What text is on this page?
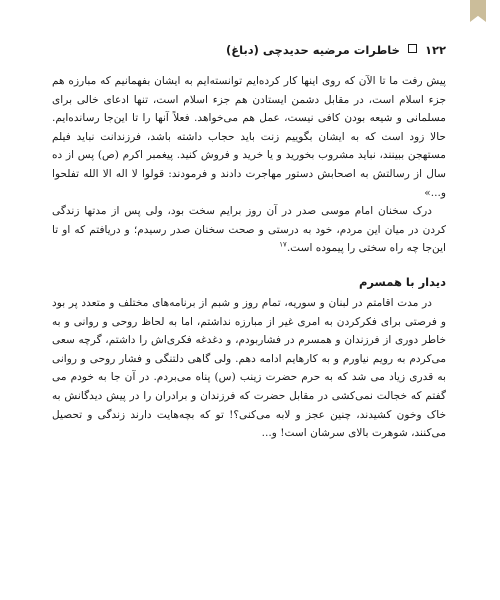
۱۲۲  خاطرات مرضیه حدیدچی (دباغ)

پیش رفت ما تا الآن که روی اینها کار کرده‌ایم توانسته‌ایم به ایشان بفهمانیم که مبارزه هم جزء اسلام است، در مقابل دشمن ایستادن هم جزء اسلام است، تنها ادعای خالی برای مسلمانی و شیعه بودن کافی نیست، عمل هم می‌خواهد. فعلاً آنها را تا این‌جا رسانده‌ایم. حالا زود است که به ایشان بگوییم زنت باید حجاب داشته باشد، فرزندانت نباید فیلم مستهجن ببینند، نباید مشروب بخورید و یا خرید و فروش کنید. پیغمبر اکرم (ص) پس از ده سال از رسالتش به اصحابش دستور مهاجرت دادند و فرمودند: قولوا لا اله الا الله تفلحوا و...»

درک سخنان امام موسی صدر در آن روز برایم سخت بود، ولی پس از مدتها زندگی کردن در میان این مردم، خود به درستی و صحت سخنان صدر رسیدم؛ و دریافتم که او تا این‌جا چه راه سختی را پیموده است.$^{۱۷}$

دیدار با همسرم

در مدت اقامتم در لبنان و سوریه، تمام روز و شبم از برنامه‌های مختلف و متعدد پر بود و فرصتی برای فکرکردن به امری غیر از مبارزه نداشتم، اما به لحاظ روحی و روانی و به خاطر دوری از فرزندان و همسرم در فشاربودم، و دغدغه فکری‌اش را داشتم، گرچه سعی می‌کردم به رویم نیاورم و به کارهایم ادامه دهم. ولی گاهی دلتنگی و فشار روحی و روانی به قدری زیاد می شد که به حرم حضرت زینب (س) پناه می‌بردم. در آن جا به خودم می گفتم که خجالت نمی‌کشی در مقابل حضرت که فرزندان و برادران را در پیش دیدگانش به خاک وخون کشیدند، چنین عجز و لابه می‌کنی؟! تو که بچه‌هایت دارند زندگی و تحصیل می‌کنند، شوهرت بالای سرشان است! و...
